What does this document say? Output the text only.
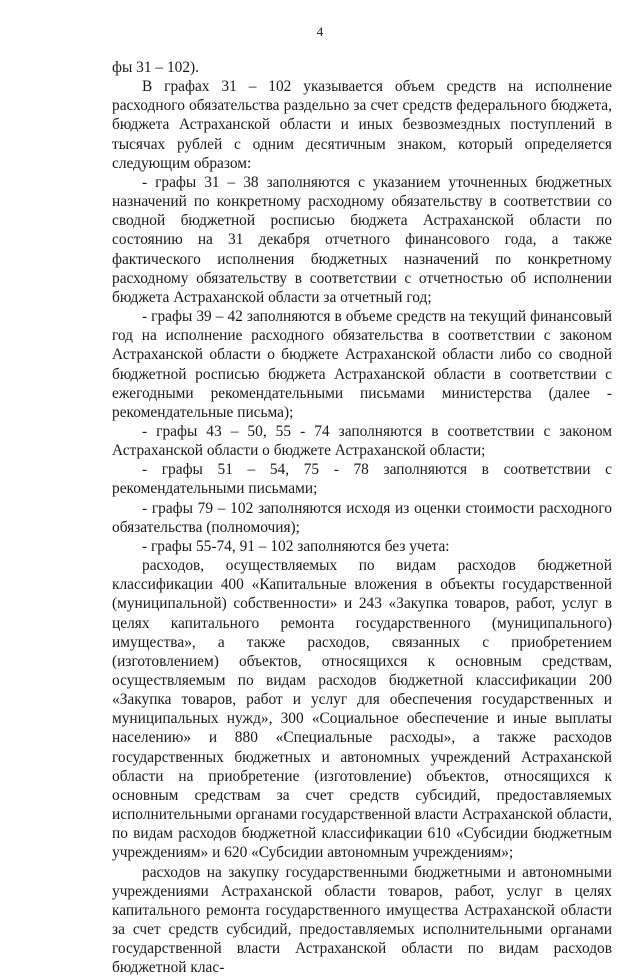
4

фы 31 – 102).

В графах 31 – 102 указывается объем средств на исполнение расходного обязательства раздельно за счет средств федерального бюджета, бюджета Астраханской области и иных безвозмездных поступлений в тысячах рублей с одним десятичным знаком, который определяется следующим образом:

- графы 31 – 38 заполняются с указанием уточненных бюджетных назначений по конкретному расходному обязательству в соответствии со сводной бюджетной росписью бюджета Астраханской области по состоянию на 31 декабря отчетного финансового года, а также фактического исполнения бюджетных назначений по конкретному расходному обязательству в соответствии с отчетностью об исполнении бюджета Астраханской области за отчетный год;

- графы 39 – 42 заполняются в объеме средств на текущий финансовый год на исполнение расходного обязательства в соответствии с законом Астраханской области о бюджете Астраханской области либо со сводной бюджетной росписью бюджета Астраханской области в соответствии с ежегодными рекомендательными письмами министерства (далее - рекомендательные письма);

- графы 43 – 50, 55 - 74 заполняются в соответствии с законом Астраханской области о бюджете Астраханской области;

- графы 51 – 54, 75 - 78 заполняются в соответствии с рекомендательными письмами;

- графы 79 – 102 заполняются исходя из оценки стоимости расходного обязательства (полномочия);

- графы 55-74, 91 – 102 заполняются без учета:

расходов, осуществляемых по видам расходов бюджетной классификации 400 «Капитальные вложения в объекты государственной (муниципальной) собственности» и 243 «Закупка товаров, работ, услуг в целях капитального ремонта государственного (муниципального) имущества», а также расходов, связанных с приобретением (изготовлением) объектов, относящихся к основным средствам, осуществляемым по видам расходов бюджетной классификации 200 «Закупка товаров, работ и услуг для обеспечения государственных и муниципальных нужд», 300 «Социальное обеспечение и иные выплаты населению» и 880 «Специальные расходы», а также расходов государственных бюджетных и автономных учреждений Астраханской области на приобретение (изготовление) объектов, относящихся к основным средствам за счет средств субсидий, предоставляемых исполнительными органами государственной власти Астраханской области, по видам расходов бюджетной классификации 610 «Субсидии бюджетным учреждениям» и 620 «Субсидии автономным учреждениям»;

расходов на закупку государственными бюджетными и автономными учреждениями Астраханской области товаров, работ, услуг в целях капитального ремонта государственного имущества Астраханской области за счет средств субсидий, предоставляемых исполнительными органами государственной власти Астраханской области по видам расходов бюджетной клас-
